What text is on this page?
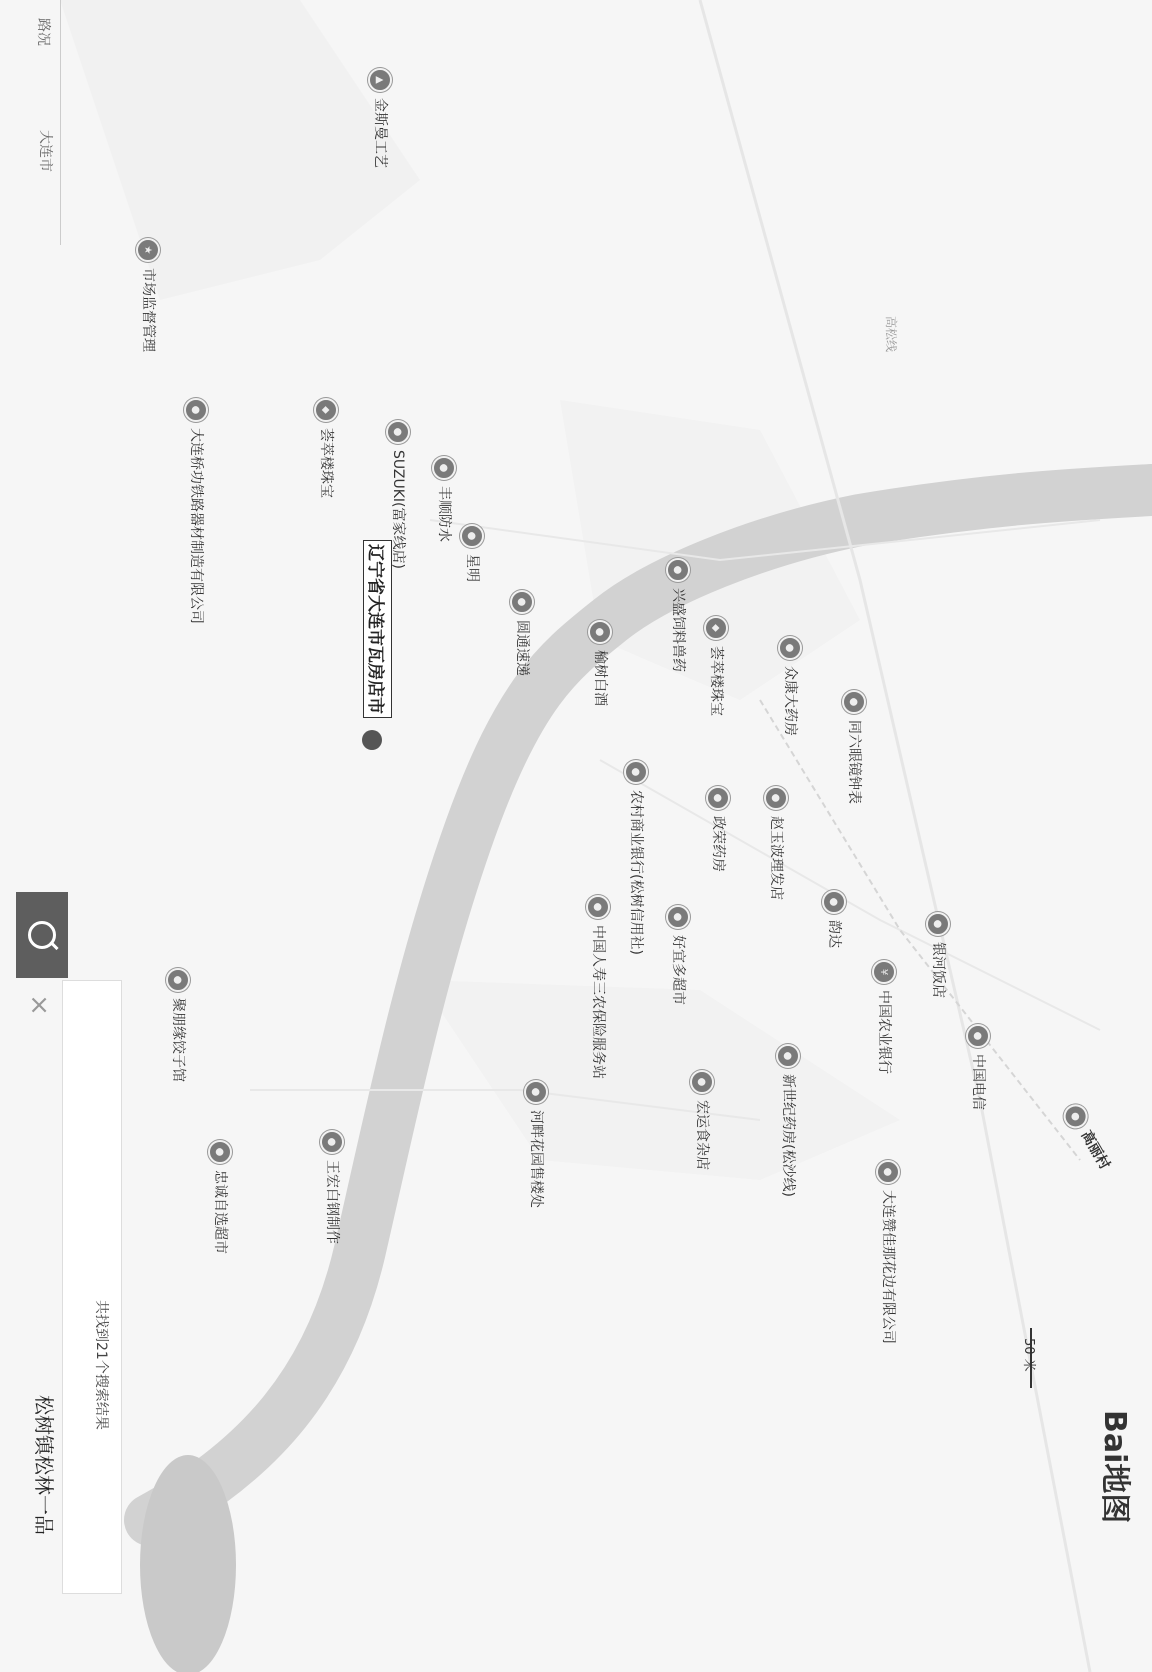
大连市
路况
松树镇松林一品
共找到21个搜索结果
×
辽宁省大连市瓦房店市
高松线
▲
金斯曼工艺
★
市场监督管理
●
大连桥功铁路器材制造有限公司
◆
荟萃楼珠宝	●
SUZUKI(富家线店)	●
丰顺防水	●
星明
●
圆通速递
●
兴盛饲料兽药	◆
荟萃楼珠宝	●
众康大药房
●
榆树白酒
●
农村商业银行(松树信用社)
●
同六眼镜钟表
●
赵玉波理发店
●
政荣药房
●
韵达
●
好宜多超市
●
中国人寿三农保险服务站	¥
中国农业银行
●
银河饭店
●
新世纪药房(松沙线)
●
中国电信
●
宏运食杂店
●
河畔花园售楼处
●
聚朋缘饺子馆
●
忠诚自选超市
●
王宏白钢制作	●
大连赞佳那花边有限公司
●
高丽村
50 米
Bai地图
